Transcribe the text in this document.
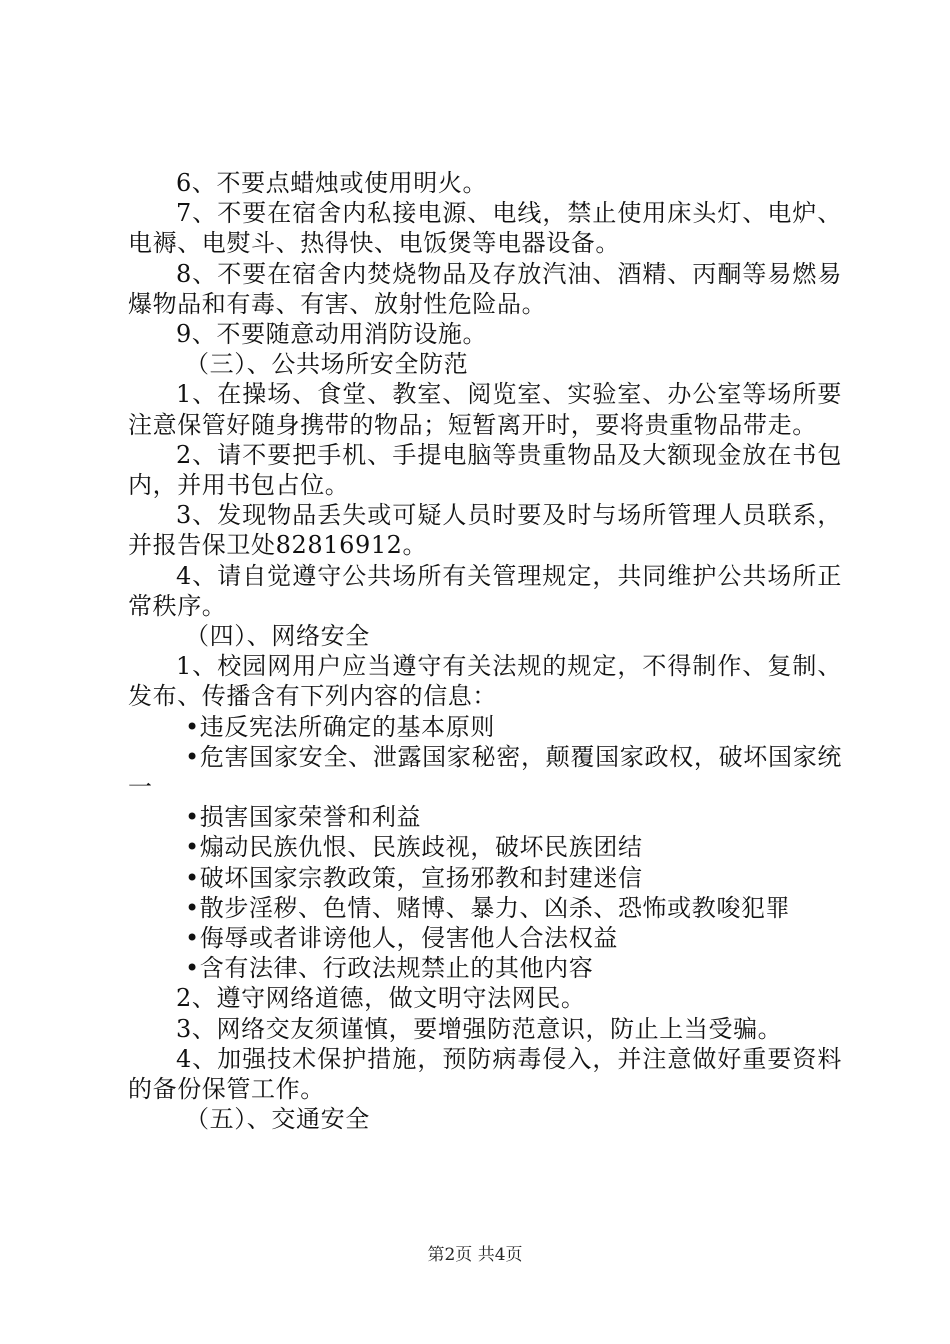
6、不要点蜡烛或使用明火。

7、不要在宿舍内私接电源、电线，禁止使用床头灯、电炉、电褥、电熨斗、热得快、电饭煲等电器设备。

8、不要在宿舍内焚烧物品及存放汽油、酒精、丙酮等易燃易爆物品和有毒、有害、放射性危险品。

9、不要随意动用消防设施。

（三）、公共场所安全防范

1、在操场、食堂、教室、阅览室、实验室、办公室等场所要注意保管好随身携带的物品；短暂离开时，要将贵重物品带走。

2、请不要把手机、手提电脑等贵重物品及大额现金放在书包内，并用书包占位。

3、发现物品丢失或可疑人员时要及时与场所管理人员联系，并报告保卫处82816912。

4、请自觉遵守公共场所有关管理规定，共同维护公共场所正常秩序。

（四）、网络安全

1、校园网用户应当遵守有关法规的规定，不得制作、复制、发布、传播含有下列内容的信息：

•违反宪法所确定的基本原则

•危害国家安全、泄露国家秘密，颠覆国家政权，破坏国家统一

•损害国家荣誉和利益

•煽动民族仇恨、民族歧视，破坏民族团结

•破坏国家宗教政策，宣扬邪教和封建迷信

•散步淫秽、色情、赌博、暴力、凶杀、恐怖或教唆犯罪

•侮辱或者诽谤他人，侵害他人合法权益

•含有法律、行政法规禁止的其他内容

2、遵守网络道德，做文明守法网民。

3、网络交友须谨慎，要增强防范意识，防止上当受骗。

4、加强技术保护措施，预防病毒侵入，并注意做好重要资料的备份保管工作。

（五）、交通安全

第2页 共4页
